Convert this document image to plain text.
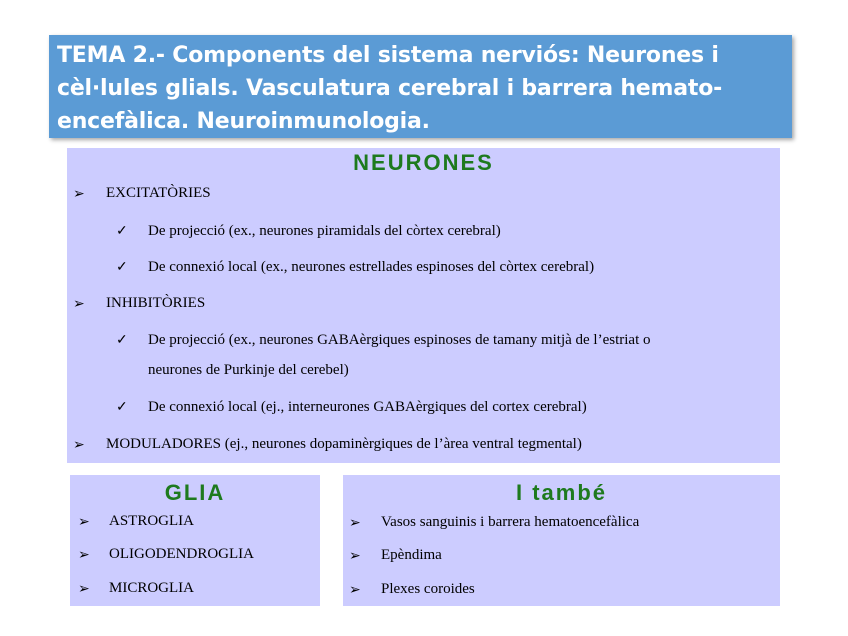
TEMA 2.- Components del sistema nerviós: Neurones i
cèl·lules glials. Vasculatura cerebral i barrera hemato-
encefàlica. Neuroinmunologia.
NEURONES
➢ EXCITATÒRIES
✓ De projecció (ex., neurones piramidals del còrtex cerebral)
✓ De connexió local (ex., neurones estrellades espinoses del còrtex cerebral)
➢ INHIBITÒRIES
✓ De projecció (ex., neurones GABAèrgiques espinoses de tamany mitjà de l’estriat o
neurones de Purkinje del cerebel)
✓ De connexió local (ej., interneurones GABAèrgiques del cortex cerebral)
➢ MODULADORES (ej., neurones dopaminèrgiques de l’àrea ventral tegmental)
GLIA
➢ ASTROGLIA
➢ OLIGODENDROGLIA
➢ MICROGLIA
I també
➢ Vasos sanguinis i barrera hematoencefàlica
➢ Epèndima
➢ Plexes coroides
